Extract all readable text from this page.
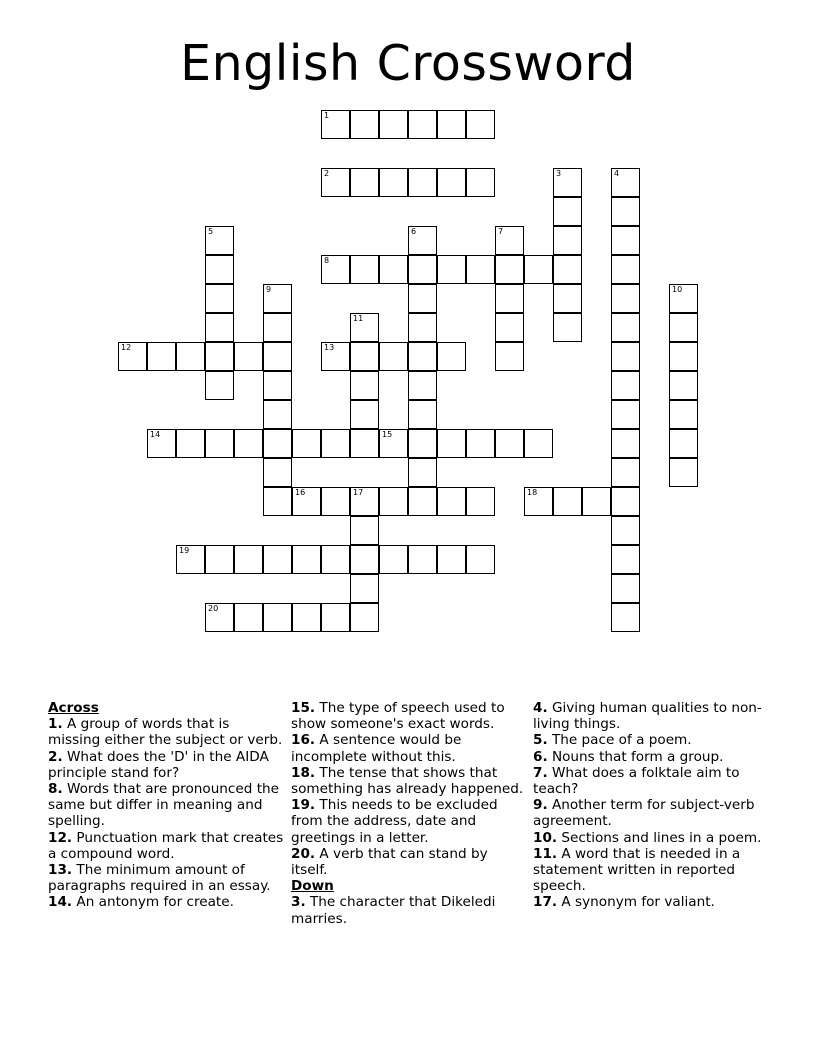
English Crossword
1
2
8
12	13
14	15
16	17	18
19
20
3	4
5	6	7
9	10
11
Across
1. A group of words that is missing either the subject or verb.
2. What does the 'D' in the AIDA principle stand for?
8. Words that are pronounced the same but differ in meaning and spelling.
12. Punctuation mark that creates a compound word.
13. The minimum amount of paragraphs required in an essay.
14. An antonym for create.
15. The type of speech used to show someone's exact words.
16. A sentence would be incomplete without this.
18. The tense that shows that something has already happened.
19. This needs to be excluded from the address, date and greetings in a letter.
20. A verb that can stand by itself.
Down
3. The character that Dikeledi marries.
4. Giving human qualities to non-living things.
5. The pace of a poem.
6. Nouns that form a group.
7. What does a folktale aim to teach?
9. Another term for subject-verb agreement.
10. Sections and lines in a poem.
11. A word that is needed in a statement written in reported speech.
17. A synonym for valiant.
